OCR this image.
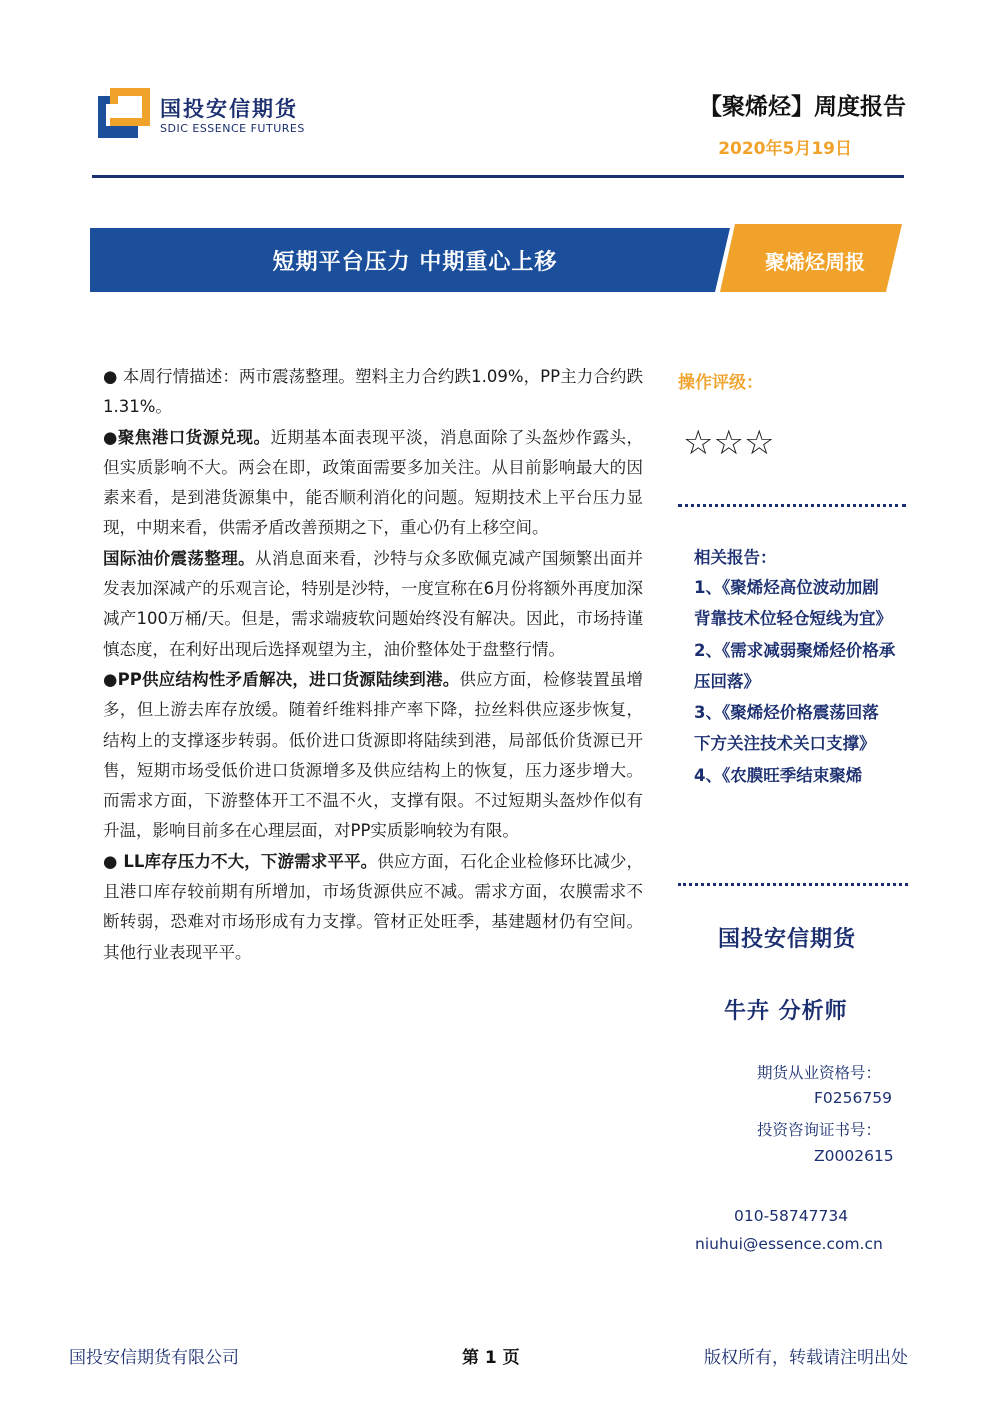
国投安信期货
SDIC ESSENCE FUTURES
【聚烯烃】周度报告
2020年5月19日
短期平台压力 中期重心上移	聚烯烃周报

● 本周行情描述：两市震荡整理。塑料主力合约跌1.09%，PP主力合约跌1.31%。

●聚焦港口货源兑现。近期基本面表现平淡，消息面除了头盔炒作露头，但实质影响不大。两会在即，政策面需要多加关注。从目前影响最大的因素来看，是到港货源集中，能否顺利消化的问题。短期技术上平台压力显现，中期来看，供需矛盾改善预期之下，重心仍有上移空间。

国际油价震荡整理。从消息面来看，沙特与众多欧佩克减产国频繁出面并发表加深减产的乐观言论，特别是沙特，一度宣称在6月份将额外再度加深减产100万桶/天。但是，需求端疲软问题始终没有解决。因此，市场持谨慎态度，在利好出现后选择观望为主，油价整体处于盘整行情。

●PP供应结构性矛盾解决，进口货源陆续到港。供应方面，检修装置虽增多，但上游去库存放缓。随着纤维料排产率下降，拉丝料供应逐步恢复，结构上的支撑逐步转弱。低价进口货源即将陆续到港，局部低价货源已开售，短期市场受低价进口货源增多及供应结构上的恢复，压力逐步增大。而需求方面，下游整体开工不温不火，支撑有限。不过短期头盔炒作似有升温，影响目前多在心理层面，对PP实质影响较为有限。

● LL库存压力不大，下游需求平平。供应方面，石化企业检修环比减少，且港口库存较前期有所增加，市场货源供应不减。需求方面，农膜需求不断转弱，恐难对市场形成有力支撑。管材正处旺季，基建题材仍有空间。其他行业表现平平。

操作评级：
☆☆☆
相关报告：
1、《聚烯烃高位波动加剧 背靠技术位轻仓短线为宜》
2、《需求减弱聚烯烃价格承压回落》
3、《聚烯烃价格震荡回落 下方关注技术关口支撑》
4、《农膜旺季结束聚烯
国投安信期货
牛卉 分析师
期货从业资格号：
F0256759
投资咨询证书号：
Z0002615
010-58747734
niuhui@essence.com.cn
国投安信期货有限公司	第 1 页	版权所有，转载请注明出处
